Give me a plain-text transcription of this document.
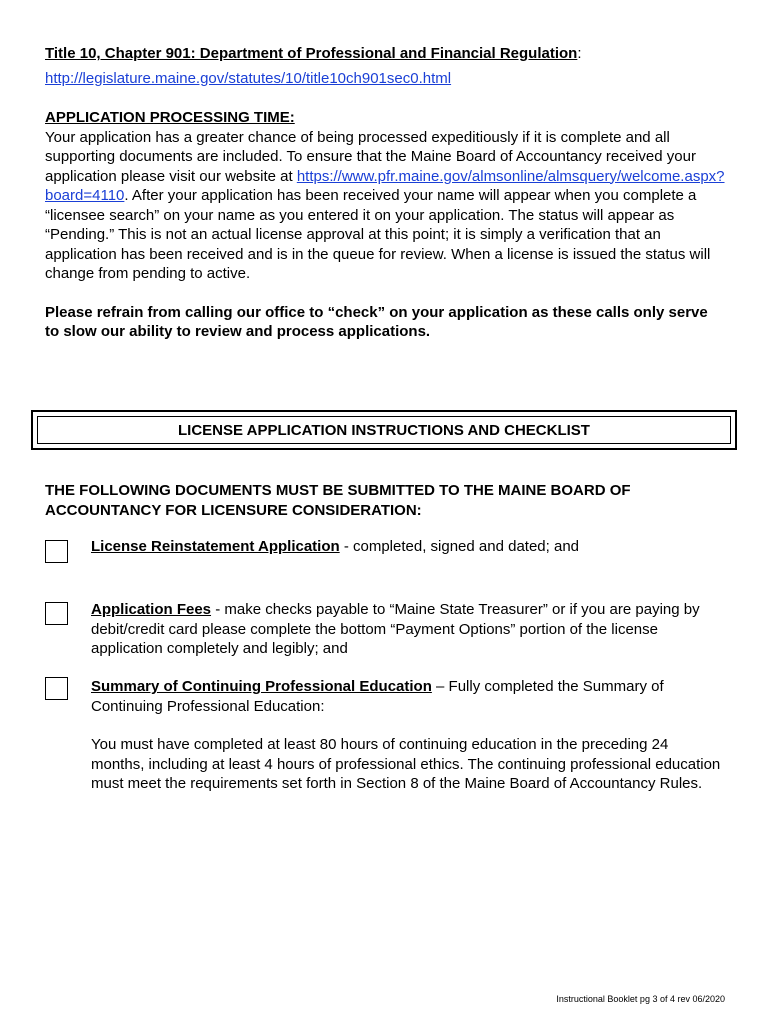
Title 10, Chapter 901: Department of Professional and Financial Regulation:
http://legislature.maine.gov/statutes/10/title10ch901sec0.html
APPLICATION PROCESSING TIME:

Your application has a greater chance of being processed expeditiously if it is complete and all supporting documents are included. To ensure that the Maine Board of Accountancy received your application please visit our website at https://www.pfr.maine.gov/almsonline/almsquery/welcome.aspx?board=4110. After your application has been received your name will appear when you complete a “licensee search” on your name as you entered it on your application. The status will appear as “Pending.” This is not an actual license approval at this point; it is simply a verification that an application has been received and is in the queue for review. When a license is issued the status will change from pending to active.

Please refrain from calling our office to “check” on your application as these calls only serve to slow our ability to review and process applications.

LICENSE APPLICATION INSTRUCTIONS AND CHECKLIST
THE FOLLOWING DOCUMENTS MUST BE SUBMITTED TO THE MAINE BOARD OF ACCOUNTANCY FOR LICENSURE CONSIDERATION:
License Reinstatement Application - completed, signed and dated; and
Application Fees - make checks payable to “Maine State Treasurer” or if you are paying by debit/credit card please complete the bottom “Payment Options” portion of the license application completely and legibly; and
Summary of Continuing Professional Education – Fully completed the Summary of Continuing Professional Education:
You must have completed at least 80 hours of continuing education in the preceding 24 months, including at least 4 hours of professional ethics. The continuing professional education must meet the requirements set forth in Section 8 of the Maine Board of Accountancy Rules.
Instructional Booklet pg 3 of 4 rev 06/2020
